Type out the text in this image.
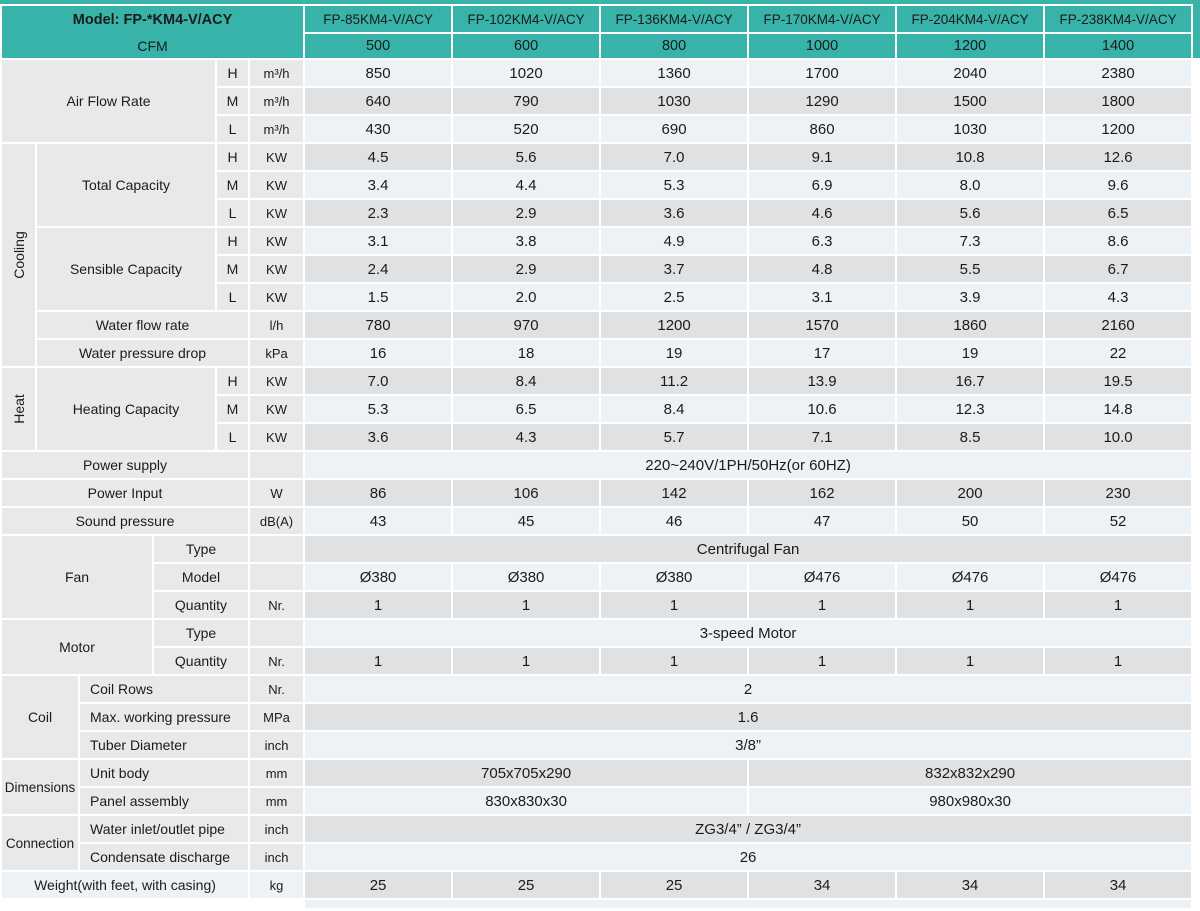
Model: FP-*KM4-V/ACY
CFM						FP-85KM4-V/ACY	FP-102KM4-V/ACY	FP-136KM4-V/ACY	FP-170KM4-V/ACY	FP-204KM4-V/ACY	FP-238KM4-V/ACY
						500	600	800	1000	1200	1400
Air Flow Rate				H	m³/h	850	1020	1360	1700	2040	2380
				M	m³/h	640	790	1030	1290	1500	1800
				L	m³/h	430	520	690	860	1030	1200

Cooling	Total Capacity			H	KW	4.5	5.6	7.0	9.1	10.8	12.6
				M	KW	3.4	4.4	5.3	6.9	8.0	9.6
				L	KW	2.3	2.9	3.6	4.6	5.6	6.5
	Sensible Capacity			H	KW	3.1	3.8	4.9	6.3	7.3	8.6
				M	KW	2.4	2.9	3.7	4.8	5.5	6.7
				L	KW	1.5	2.0	2.5	3.1	3.9	4.3
	Water flow rate				l/h	780	970	1200	1570	1860	2160
	Water pressure drop				kPa	16	18	19	17	19	22

Heat	Heating Capacity			H	KW	7.0	8.4	11.2	13.9	16.7	19.5
				M	KW	5.3	6.5	8.4	10.6	12.3	14.8
				L	KW	3.6	4.3	5.7	7.1	8.5	10.0
Power supply						220~240V/1PH/50Hz(or 60HZ)					
Power Input					W	86	106	142	162	200	230
Sound pressure					dB(A)	43	45	46	47	50	52
Fan			Type			Centrifugal Fan					
			Model			Ø380	Ø380	Ø380	Ø476	Ø476	Ø476
			Quantity		Nr.	1	1	1	1	1	1
Motor			Type			3-speed Motor					
			Quantity		Nr.	1	1	1	1	1	1
Coil		Coil Rows			Nr.	2					
		Max. working pressure			MPa	1.6					
		Tuber Diameter			inch	3/8”					
Dimensions		Unit body			mm	705x705x290			832x832x290		
		Panel assembly			mm	830x830x30			980x980x30		
Connection		Water inlet/outlet pipe			inch	ZG3/4” / ZG3/4”					
		Condensate discharge			inch	26					
Weight(with feet, with casing)					kg	25	25	25	34	34	34
